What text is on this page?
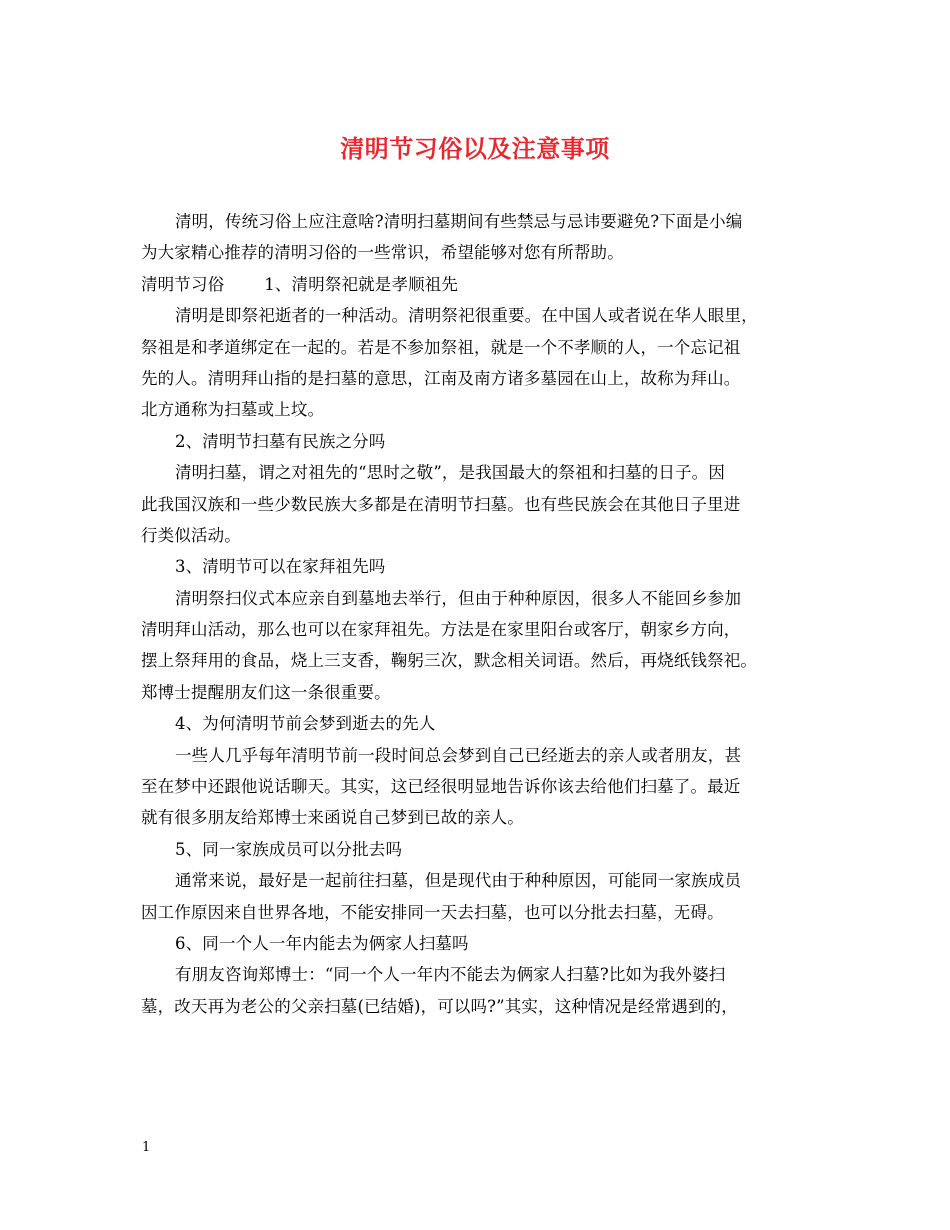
清明节习俗以及注意事项
清明，传统习俗上应注意啥?清明扫墓期间有些禁忌与忌讳要避免?下面是小编
为大家精心推荐的清明习俗的一些常识，希望能够对您有所帮助。
清明节习俗 1、清明祭祀就是孝顺祖先
清明是即祭祀逝者的一种活动。清明祭祀很重要。在中国人或者说在华人眼里，
祭祖是和孝道绑定在一起的。若是不参加祭祖，就是一个不孝顺的人，一个忘记祖
先的人。清明拜山指的是扫墓的意思，江南及南方诸多墓园在山上，故称为拜山。
北方通称为扫墓或上坟。
2、清明节扫墓有民族之分吗
清明扫墓，谓之对祖先的“思时之敬”，是我国最大的祭祖和扫墓的日子。因
此我国汉族和一些少数民族大多都是在清明节扫墓。也有些民族会在其他日子里进
行类似活动。
3、清明节可以在家拜祖先吗
清明祭扫仪式本应亲自到墓地去举行，但由于种种原因，很多人不能回乡参加
清明拜山活动，那么也可以在家拜祖先。方法是在家里阳台或客厅，朝家乡方向，
摆上祭拜用的食品，烧上三支香，鞠躬三次，默念相关词语。然后，再烧纸钱祭祀。
郑博士提醒朋友们这一条很重要。
4、为何清明节前会梦到逝去的先人
一些人几乎每年清明节前一段时间总会梦到自己已经逝去的亲人或者朋友，甚
至在梦中还跟他说话聊天。其实，这已经很明显地告诉你该去给他们扫墓了。最近
就有很多朋友给郑博士来函说自己梦到已故的亲人。
5、同一家族成员可以分批去吗
通常来说，最好是一起前往扫墓，但是现代由于种种原因，可能同一家族成员
因工作原因来自世界各地，不能安排同一天去扫墓，也可以分批去扫墓，无碍。
6、同一个人一年内能去为俩家人扫墓吗
有朋友咨询郑博士：“同一个人一年内不能去为俩家人扫墓?比如为我外婆扫
墓，改天再为老公的父亲扫墓(已结婚)，可以吗?”其实，这种情况是经常遇到的，
1
